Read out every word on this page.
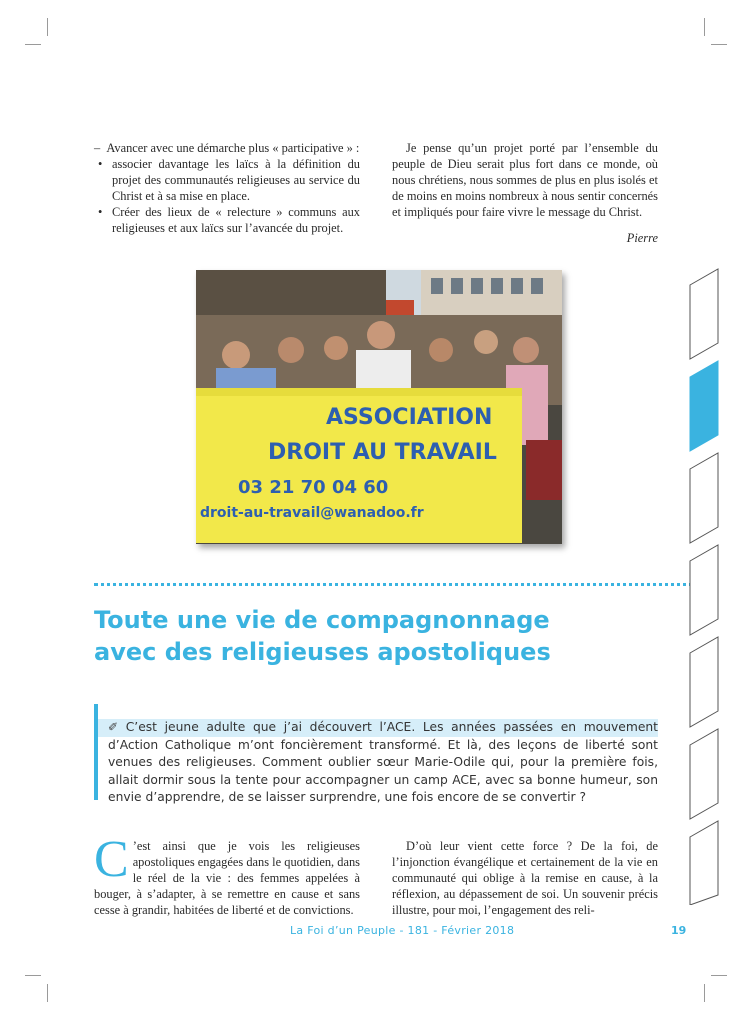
–  Avancer avec une démarche plus « participative » :
• associer davantage les laïcs à la définition du projet des communautés religieuses au service du Christ et à sa mise en place.
• Créer des lieux de « relecture » communs aux religieuses et aux laïcs sur l’avancée du projet.

Je pense qu’un projet porté par l’ensemble du peuple de Dieu serait plus fort dans ce monde, où nous chrétiens, nous sommes de plus en plus isolés et de moins en moins nombreux à nous sentir concernés et impliqués pour faire vivre le message du Christ.

Pierre
ASSOCIATION
DROIT AU TRAVAIL
03 21 70 04 60
droit-au-travail@wanadoo.fr
Toute une vie de compagnonnage
avec des religieuses apostoliques

✐ C’est jeune adulte que j’ai découvert l’ACE. Les années passées en mouvement d’Action Catholique m’ont foncièrement transformé. Et là, des leçons de liberté sont venues des religieuses. Comment oublier sœur Marie-Odile qui, pour la première fois, allait dormir sous la tente pour accompagner un camp ACE, avec sa bonne humeur, son envie d’apprendre, de se laisser surprendre, une fois encore de se convertir ?

C ’est ainsi que je vois les religieuses apostoliques engagées dans le quotidien, dans le réel de la vie : des femmes appelées à bouger, à s’adapter, à se remettre en cause et sans cesse à grandir, habitées de liberté et de convictions.

D’où leur vient cette force ? De la foi, de l’injonction évangélique et certainement de la vie en communauté qui oblige à la remise en cause, à la réflexion, au dépassement de soi. Un souvenir précis illustre, pour moi, l’engagement des reli-

La Foi d’un Peuple - 181 - Février 2018	19
